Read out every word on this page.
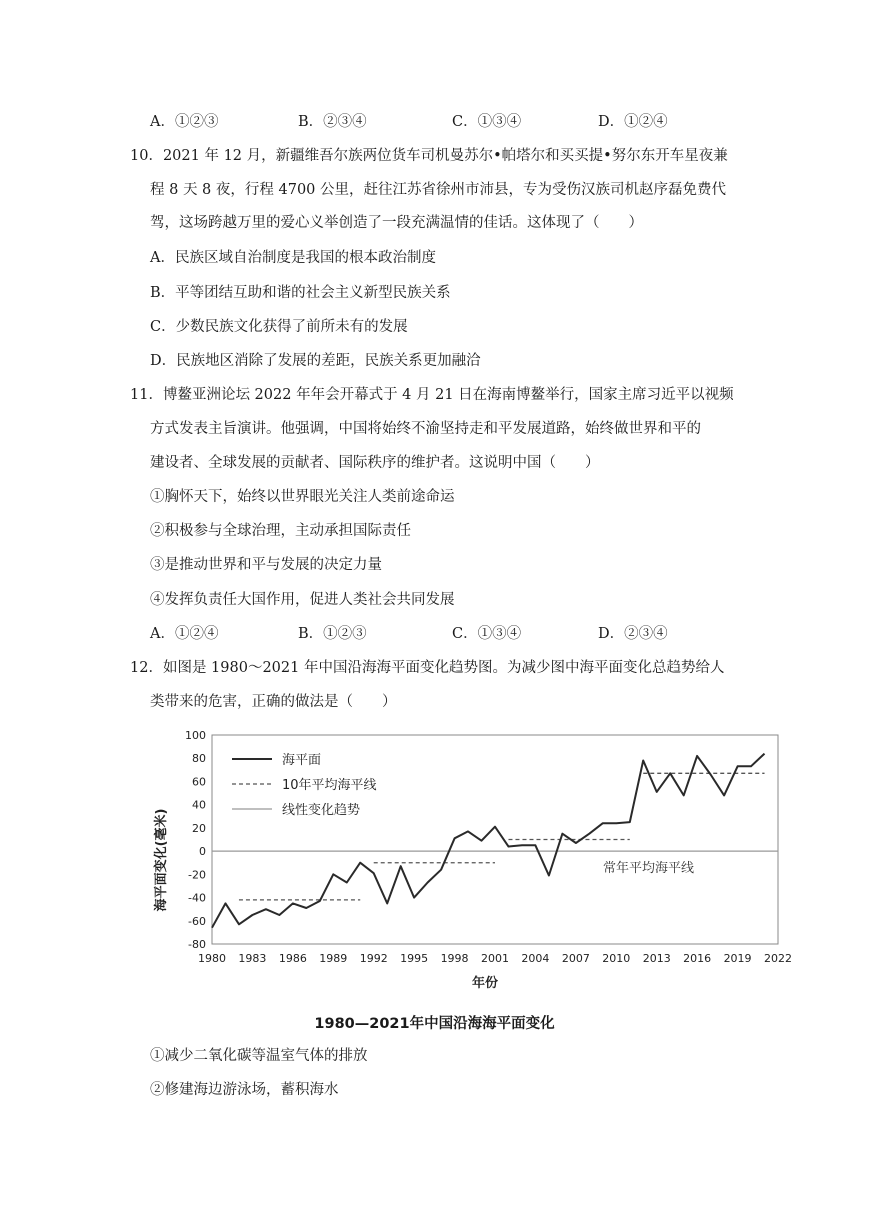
A．①②③	B．②③④	C．①③④	D．①②④
10．2021 年 12 月，新疆维吾尔族两位货车司机曼苏尔•帕塔尔和买买提•努尔东开车星夜兼
程 8 天 8 夜，行程 4700 公里，赶往江苏省徐州市沛县，专为受伤汉族司机赵序磊免费代
驾，这场跨越万里的爱心义举创造了一段充满温情的佳话。这体现了（　　）
A．民族区域自治制度是我国的根本政治制度
B．平等团结互助和谐的社会主义新型民族关系
C．少数民族文化获得了前所未有的发展
D．民族地区消除了发展的差距，民族关系更加融洽
11．博鳌亚洲论坛 2022 年年会开幕式于 4 月 21 日在海南博鳌举行，国家主席习近平以视频
方式发表主旨演讲。他强调，中国将始终不渝坚持走和平发展道路，始终做世界和平的
建设者、全球发展的贡献者、国际秩序的维护者。这说明中国（　　）
①胸怀天下，始终以世界眼光关注人类前途命运
②积极参与全球治理，主动承担国际责任
③是推动世界和平与发展的决定力量
④发挥负责任大国作用，促进人类社会共同发展
A．①②④	B．①②③	C．①③④	D．②③④
12．如图是 1980～2021 年中国沿海海平面变化趋势图。为减少图中海平面变化总趋势给人
类带来的危害，正确的做法是（　　）
100
80
60
40
20
0
-20
-40
-60
-80
1980 1983 1986 1989 1992 1995 1998 2001 2004 2007 2010 2013 2016 2019 2022
海平面
10年平均海平线
线性变化趋势
海平面变化(毫米)
年份
常年平均海平线
1980—2021年中国沿海海平面变化
①减少二氧化碳等温室气体的排放
②修建海边游泳场，蓄积海水
